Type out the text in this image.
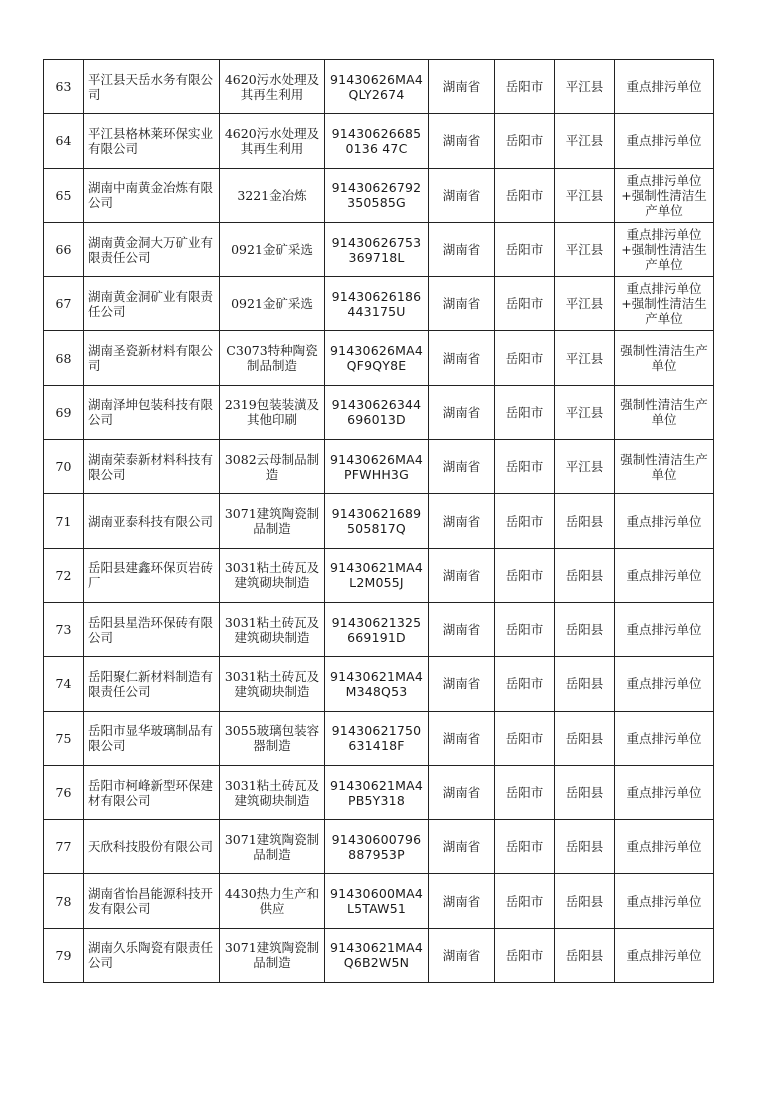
63	平江县天岳水务有限公司	4620污水处理及其再生利用	91430626MA4QLY2674	湖南省	岳阳市	平江县	重点排污单位
64	平江县格林莱环保实业有限公司	4620污水处理及其再生利用	914306266850136 47C	湖南省	岳阳市	平江县	重点排污单位
65	湖南中南黄金冶炼有限公司	3221金冶炼	91430626792350585G	湖南省	岳阳市	平江县	重点排污单位+强制性清洁生产单位
66	湖南黄金洞大万矿业有限责任公司	0921金矿采选	91430626753369718L	湖南省	岳阳市	平江县	重点排污单位+强制性清洁生产单位
67	湖南黄金洞矿业有限责任公司	0921金矿采选	91430626186443175U	湖南省	岳阳市	平江县	重点排污单位+强制性清洁生产单位
68	湖南圣瓷新材料有限公司	C3073特种陶瓷制品制造	91430626MA4QF9QY8E	湖南省	岳阳市	平江县	强制性清洁生产单位
69	湖南泽坤包装科技有限公司	2319包装装潢及其他印刷	91430626344696013D	湖南省	岳阳市	平江县	强制性清洁生产单位
70	湖南荣泰新材料科技有限公司	3082云母制品制造	91430626MA4PFWHH3G	湖南省	岳阳市	平江县	强制性清洁生产单位
71	湖南亚泰科技有限公司	3071建筑陶瓷制品制造	91430621689505817Q	湖南省	岳阳市	岳阳县	重点排污单位
72	岳阳县建鑫环保页岩砖厂	3031粘土砖瓦及建筑砌块制造	91430621MA4L2M055J	湖南省	岳阳市	岳阳县	重点排污单位
73	岳阳县星浩环保砖有限公司	3031粘土砖瓦及建筑砌块制造	91430621325669191D	湖南省	岳阳市	岳阳县	重点排污单位
74	岳阳聚仁新材料制造有限责任公司	3031粘土砖瓦及建筑砌块制造	91430621MA4M348Q53	湖南省	岳阳市	岳阳县	重点排污单位
75	岳阳市显华玻璃制品有限公司	3055玻璃包装容器制造	91430621750631418F	湖南省	岳阳市	岳阳县	重点排污单位
76	岳阳市柯峰新型环保建材有限公司	3031粘土砖瓦及建筑砌块制造	91430621MA4PB5Y318	湖南省	岳阳市	岳阳县	重点排污单位
77	天欣科技股份有限公司	3071建筑陶瓷制品制造	91430600796887953P	湖南省	岳阳市	岳阳县	重点排污单位
78	湖南省怡昌能源科技开发有限公司	4430热力生产和供应	91430600MA4L5TAW51	湖南省	岳阳市	岳阳县	重点排污单位
79	湖南久乐陶瓷有限责任公司	3071建筑陶瓷制品制造	91430621MA4Q6B2W5N	湖南省	岳阳市	岳阳县	重点排污单位
